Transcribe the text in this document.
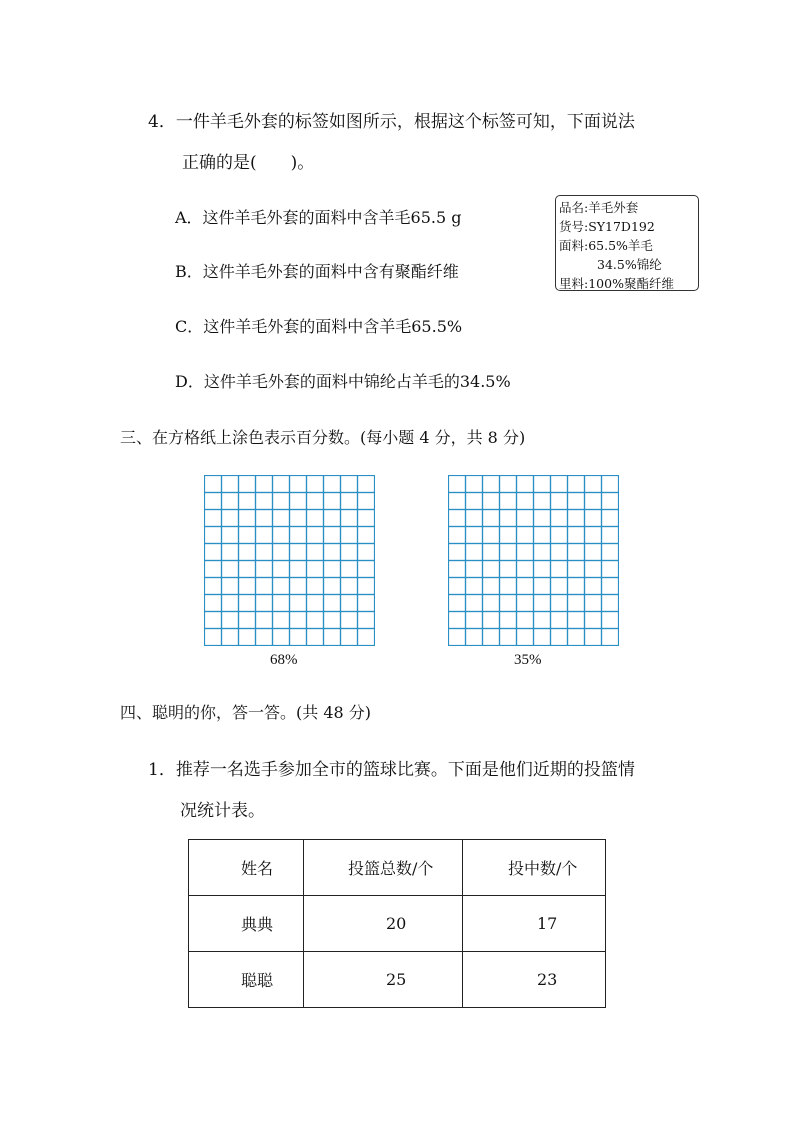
4．一件羊毛外套的标签如图所示，根据这个标签可知，下面说法
正确的是(　　)。
A．这件羊毛外套的面料中含羊毛65.5 g
B．这件羊毛外套的面料中含有聚酯纤维
C．这件羊毛外套的面料中含羊毛65.5%
D．这件羊毛外套的面料中锦纶占羊毛的34.5%
品名:羊毛外套
货号:SY17D192
面料:65.5%羊毛
34.5%锦纶
里料:100%聚酯纤维
三、在方格纸上涂色表示百分数。(每小题 4 分，共 8 分)
68%	35%
四、聪明的你，答一答。(共 48 分)
1．推荐一名选手参加全市的篮球比赛。下面是他们近期的投篮情
况统计表。
姓名	投篮总数/个	投中数/个
典典	20	17
聪聪	25	23
